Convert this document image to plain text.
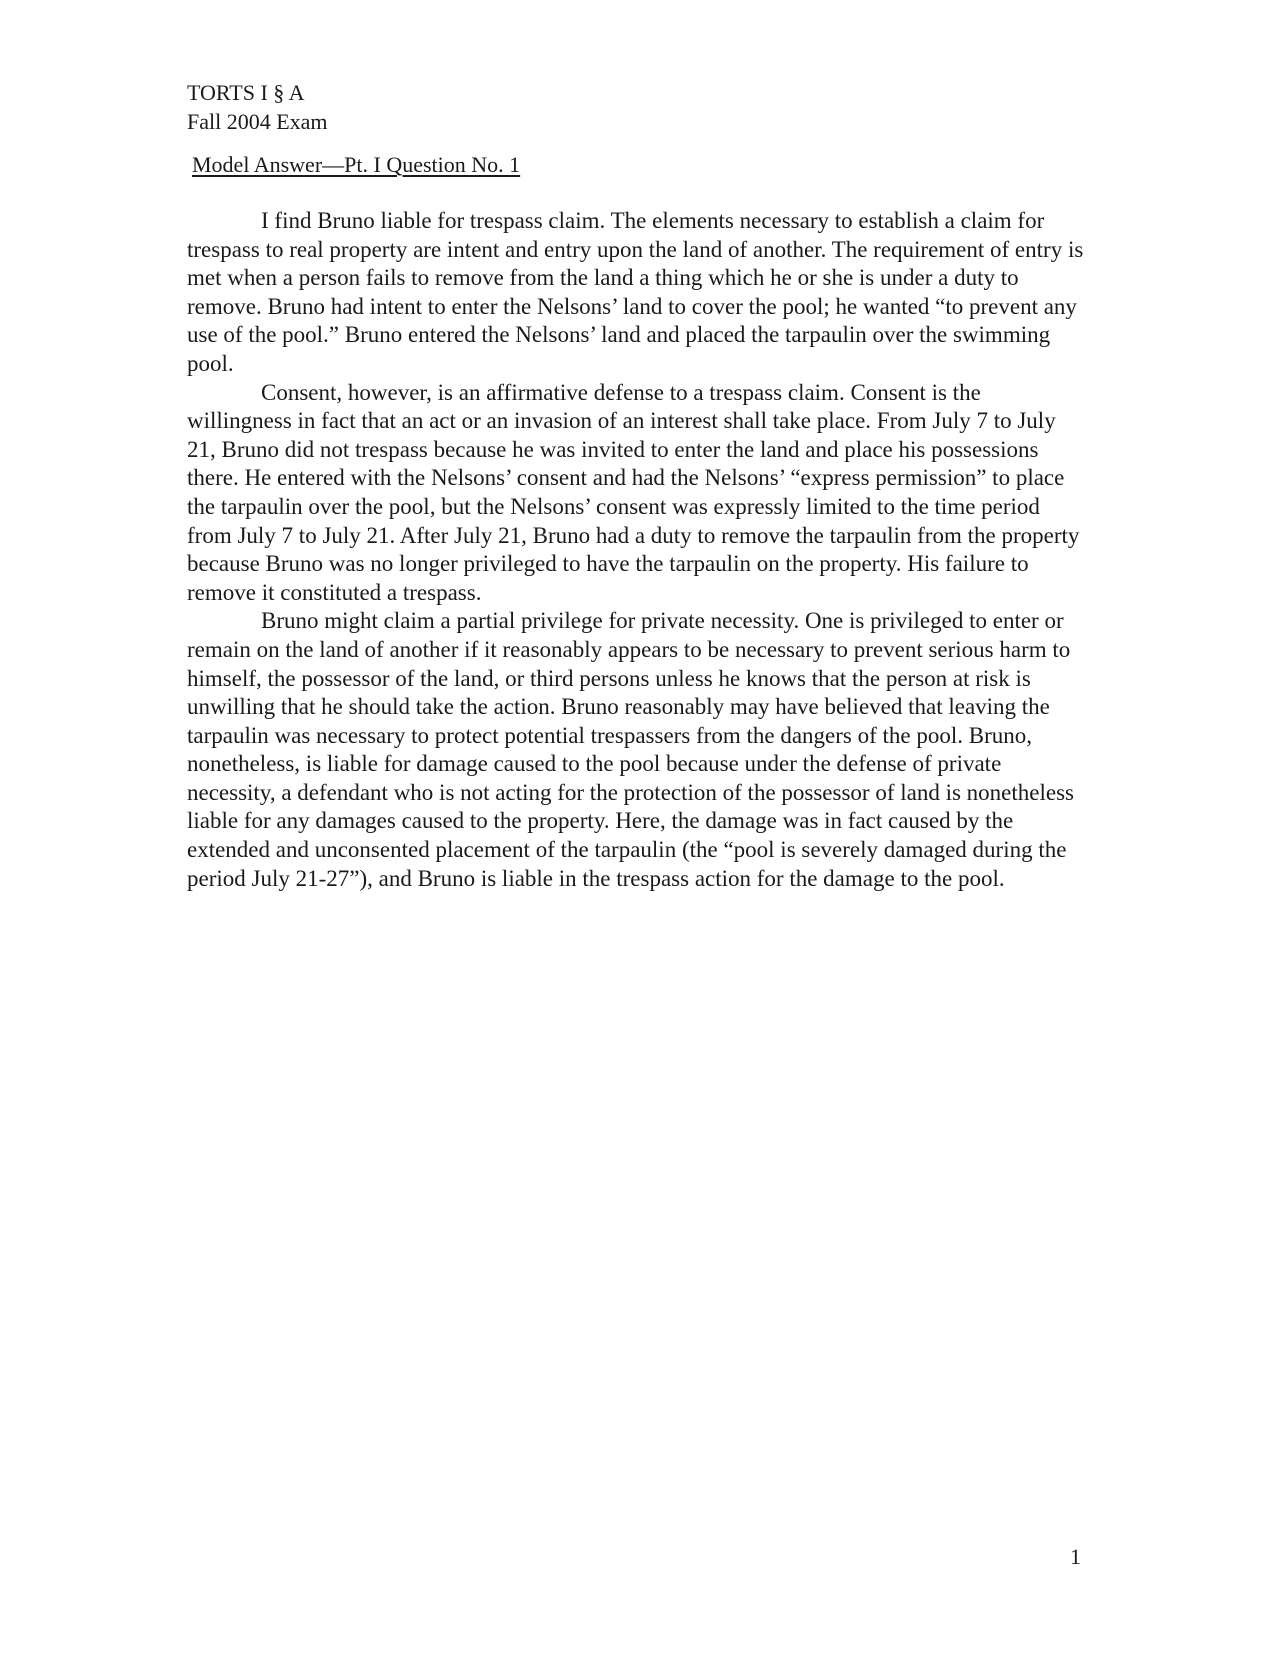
TORTS I § A
Fall 2004 Exam
Model Answer—Pt. I Question No. 1

I find Bruno liable for trespass claim. The elements necessary to establish a claim for trespass to real property are intent and entry upon the land of another. The requirement of entry is met when a person fails to remove from the land a thing which he or she is under a duty to remove. Bruno had intent to enter the Nelsons’ land to cover the pool; he wanted “to prevent any use of the pool.” Bruno entered the Nelsons’ land and placed the tarpaulin over the swimming pool.

Consent, however, is an affirmative defense to a trespass claim. Consent is the willingness in fact that an act or an invasion of an interest shall take place. From July 7 to July 21, Bruno did not trespass because he was invited to enter the land and place his possessions there. He entered with the Nelsons’ consent and had the Nelsons’ “express permission” to place the tarpaulin over the pool, but the Nelsons’ consent was expressly limited to the time period from July 7 to July 21. After July 21, Bruno had a duty to remove the tarpaulin from the property because Bruno was no longer privileged to have the tarpaulin on the property. His failure to remove it constituted a trespass.

Bruno might claim a partial privilege for private necessity. One is privileged to enter or remain on the land of another if it reasonably appears to be necessary to prevent serious harm to himself, the possessor of the land, or third persons unless he knows that the person at risk is unwilling that he should take the action. Bruno reasonably may have believed that leaving the tarpaulin was necessary to protect potential trespassers from the dangers of the pool. Bruno, nonetheless, is liable for damage caused to the pool because under the defense of private necessity, a defendant who is not acting for the protection of the possessor of land is nonetheless liable for any damages caused to the property. Here, the damage was in fact caused by the extended and unconsented placement of the tarpaulin (the “pool is severely damaged during the period July 21-27”), and Bruno is liable in the trespass action for the damage to the pool.

1
